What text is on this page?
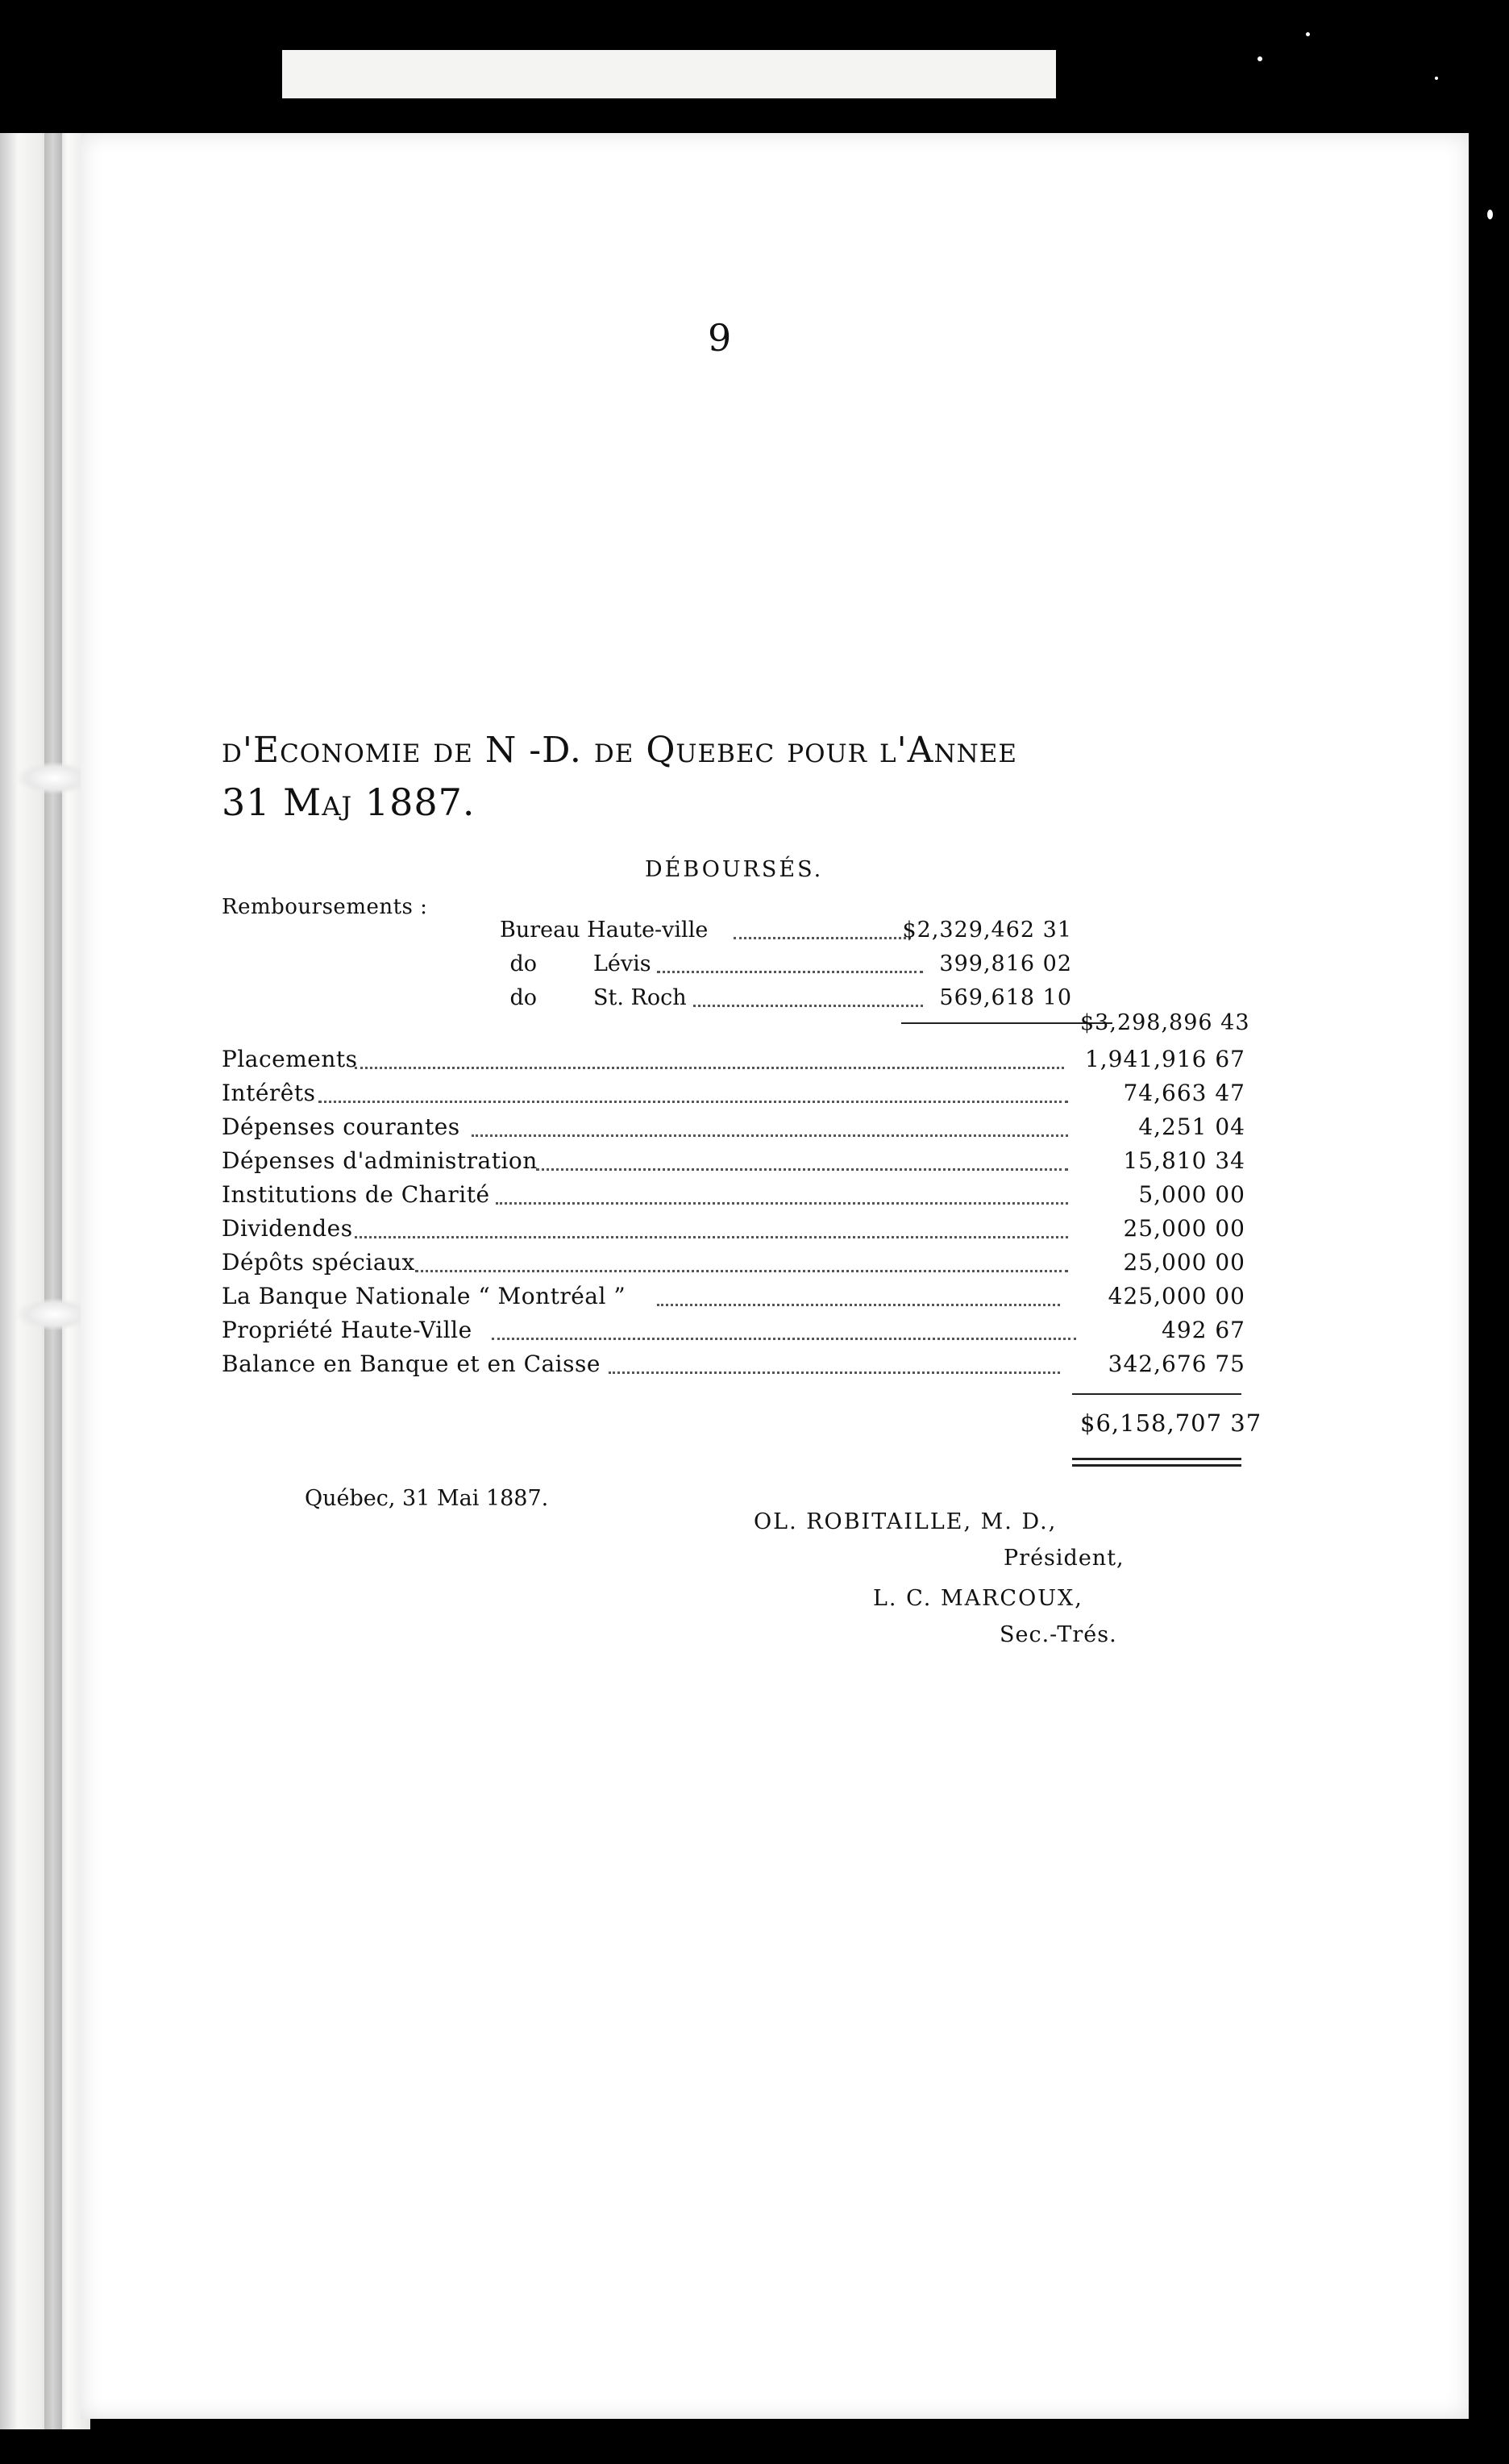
9
d'Economie de N -D. de Quebec pour l'Annee
31 Maj 1887.
DÉBOURSÉS.
Remboursements :
Bureau Haute-ville	$2,329,462 31
do	Lévis	399,816 02
do	St. Roch	569,618 10
$3,298,896 43
Placements	1,941,916 67
Intérêts	74,663 47
Dépenses courantes	4,251 04
Dépenses d'administration	15,810 34
Institutions de Charité	5,000 00
Dividendes	25,000 00
Dépôts spéciaux	25,000 00
La Banque Nationale “ Montréal ”	425,000 00
Propriété Haute-Ville	492 67
Balance en Banque et en Caisse	342,676 75
$6,158,707 37
Québec, 31 Mai 1887.
OL. ROBITAILLE, M. D.,
Président,
L. C. MARCOUX,
Sec.-Trés.
